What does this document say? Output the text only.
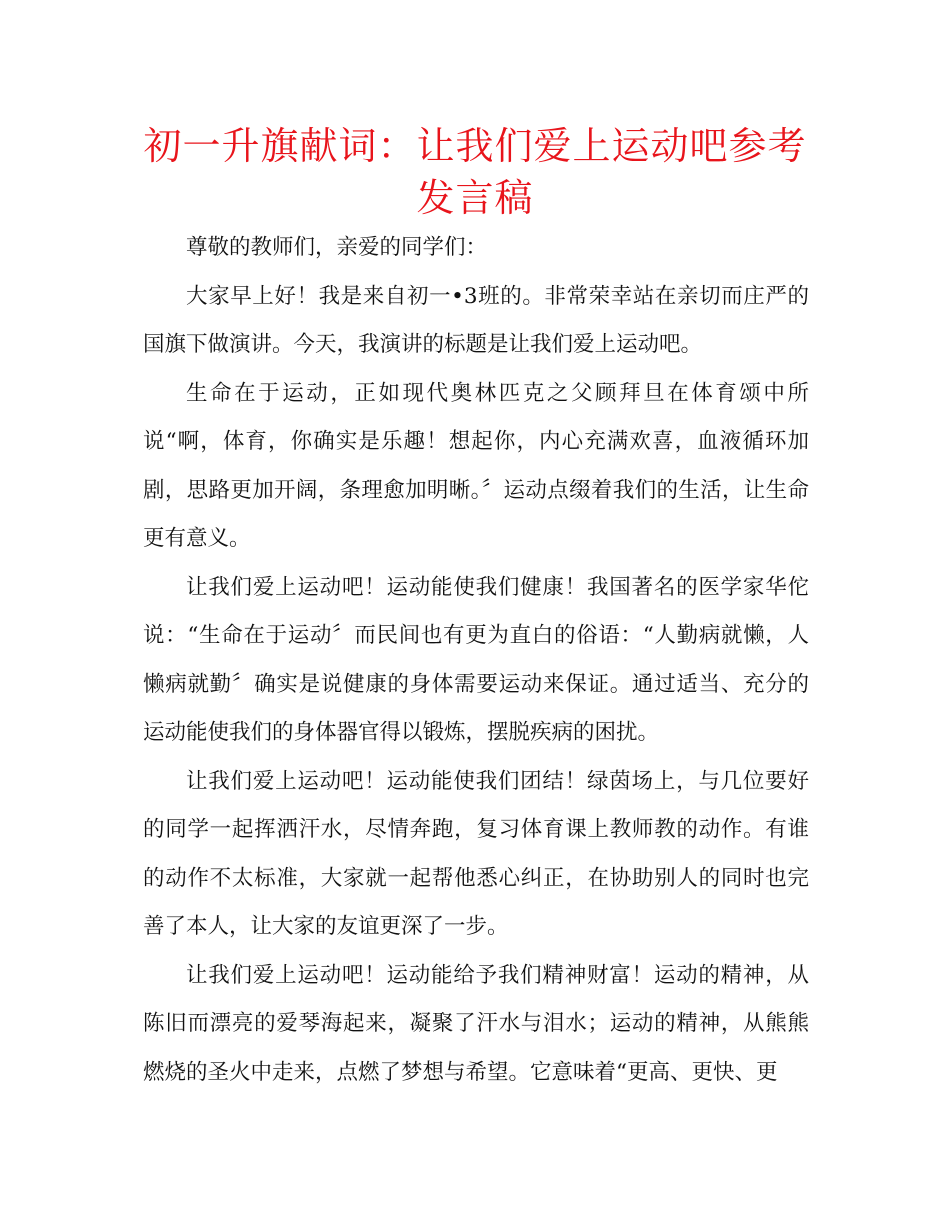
初一升旗献词：让我们爱上运动吧参考发言稿

尊敬的教师们，亲爱的同学们：

大家早上好！我是来自初一•3班的。非常荣幸站在亲切而庄严的国旗下做演讲。今天，我演讲的标题是让我们爱上运动吧。

生命在于运动，正如现代奥林匹克之父顾拜旦在体育颂中所说“啊，体育，你确实是乐趣！想起你，内心充满欢喜，血液循环加剧，思路更加开阔，条理愈加明晰。〞运动点缀着我们的生活，让生命更有意义。

让我们爱上运动吧！运动能使我们健康！我国著名的医学家华佗说：“生命在于运动〞而民间也有更为直白的俗语：“人勤病就懒，人懒病就勤〞确实是说健康的身体需要运动来保证。通过适当、充分的运动能使我们的身体器官得以锻炼，摆脱疾病的困扰。

让我们爱上运动吧！运动能使我们团结！绿茵场上，与几位要好的同学一起挥洒汗水，尽情奔跑，复习体育课上教师教的动作。有谁的动作不太标准，大家就一起帮他悉心纠正，在协助别人的同时也完善了本人，让大家的友谊更深了一步。

让我们爱上运动吧！运动能给予我们精神财富！运动的精神，从陈旧而漂亮的爱琴海起来，凝聚了汗水与泪水；运动的精神，从熊熊燃烧的圣火中走来，点燃了梦想与希望。它意味着“更高、更快、更
